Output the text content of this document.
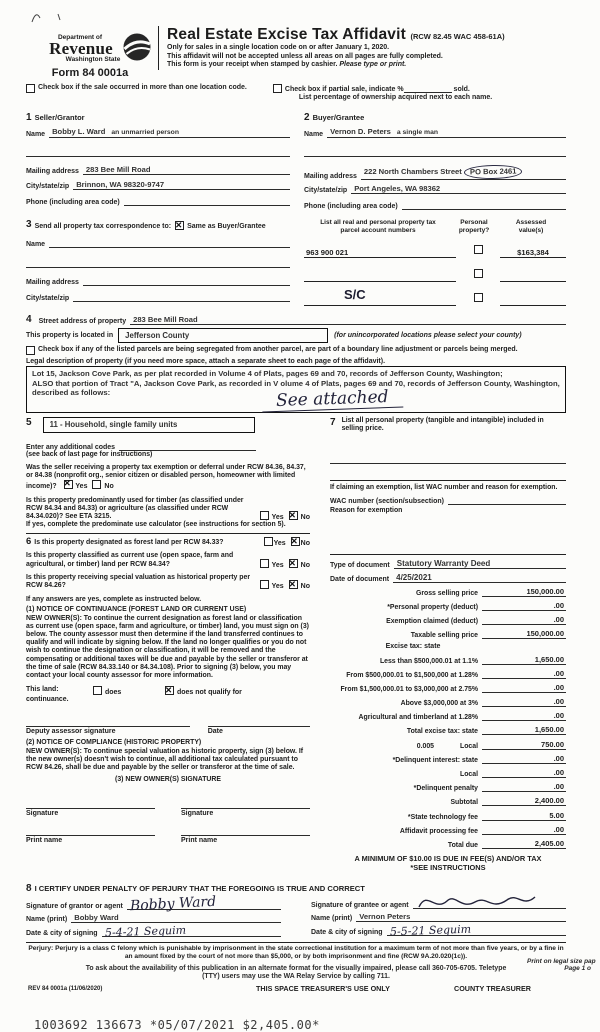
Department of
Revenue
Washington State
Form 84 0001a
Real Estate Excise Tax Affidavit (RCW 82.45 WAC 458-61A)
Only for sales in a single location code on or after January 1, 2020.
This affidavit will not be accepted unless all areas on all pages are fully completed.
This form is your receipt when stamped by cashier. Please type or print.
Check box if the sale occurred in more than one location code.	Check box if partial sale, indicate %	sold.
List percentage of ownership acquired next to each name.
1 Seller/Grantor
Name Bobby L. Ward an unmarried person
Mailing address 283 Bee Mill Road
City/state/zip Brinnon, WA 98320-9747
Phone (including area code)
2 Buyer/Grantee
Name Vernon D. Peters a single man
Mailing address
222 North Chambers Street PO Box 2461
City/state/zip Port Angeles, WA 98362
Phone (including area code)
3 Send all property tax correspondence to: ✕ Same as Buyer/Grantee
Name
Mailing address
City/state/zip
List all real and personal property tax
parcel account numbers
Personal
property?
Assessed
value(s)
963 900 021	$163,384
S/C
4 Street address of property 283 Bee Mill Road
This property is located in	Jefferson County	(for unincorporated locations please select your county)
Check box if any of the listed parcels are being segregated from another parcel, are part of a boundary line adjustment or parcels being merged.
Legal description of property (if you need more space, attach a separate sheet to each page of the affidavit).
Lot 15, Jackson Cove Park, as per plat recorded in Volume 4 of Plats, pages 69 and 70, records of Jefferson County, Washington;
ALSO that portion of Tract "A, Jackson Cove Park, as recorded in V olume 4 of Plats, pages 69 and 70, records of Jefferson County, Washington, described as follows:	See attached
5	11 - Household, single family units
Enter any additional codes
(see back of last page for instructions)
Was the seller receiving a property tax exemption or deferral under RCW 84.36, 84.37, or 84.38 (nonprofit org., senior citizen or disabled person, homeowner with limited income)? ✕	Yes No
Is this property predominantly used for timber (as classified under RCW 84.34 and 84.33) or agriculture (as classified under RCW 84.34.020)? See ETA 3215.	Yes ✕ No
If yes, complete the predominate use calculator (see instructions for section 5).
6 Is this property designated as forest land per RCW 84.33?	Yes ✕ No
Is this property classified as current use (open space, farm and agricultural, or timber) land per RCW 84.34?	Yes ✕ No
Is this property receiving special valuation as historical property per RCW 84.26?	Yes ✕ No
If any answers are yes, complete as instructed below.
(1) NOTICE OF CONTINUANCE (FOREST LAND OR CURRENT USE)
NEW OWNER(S): To continue the current designation as forest land or classification as current use (open space, farm and agriculture, or timber) land, you must sign on (3) below. The county assessor must then determine if the land transferred continues to qualify and will indicate by signing below. If the land no longer qualifies or you do not wish to continue the designation or classification, it will be removed and the compensating or additional taxes will be due and payable by the seller or transferor at the time of sale (RCW 84.33.140 or 84.34.108). Prior to signing (3) below, you may contact your local county assessor for more information.
This land:	does ✕	does not qualify for
continuance.
Deputy assessor signature	Date
(2) NOTICE OF COMPLIANCE (HISTORIC PROPERTY)
NEW OWNER(S): To continue special valuation as historic property, sign (3) below. If the new owner(s) doesn't wish to continue, all additional tax calculated pursuant to RCW 84.26, shall be due and payable by the seller or transferor at the time of sale.
(3) NEW OWNER(S) SIGNATURE
Signature	Signature
Print name	Print name
7 List all personal property (tangible and intangible) included in selling price.
If claiming an exemption, list WAC number and reason for exemption.
WAC number (section/subsection)
Reason for exemption
Type of document Statutory Warranty Deed
Date of document 4/25/2021
Gross selling price	150,000.00
*Personal property (deduct)	.00
Exemption claimed (deduct)	.00
Taxable selling price	150,000.00
Excise tax: state
Less than $500,000.01 at 1.1%	1,650.00
From $500,000.01 to $1,500,000 at 1.28%	.00
From $1,500,000.01 to $3,000,000 at 2.75%	.00
Above $3,000,000 at 3%	.00
Agricultural and timberland at 1.28%	.00
Total excise tax: state	1,650.00
0.005	Local	750.00
*Delinquent interest: state	.00
Local	.00
*Delinquent penalty	.00
Subtotal	2,400.00
*State technology fee	5.00
Affidavit processing fee	.00
Total due	2,405.00
A MINIMUM OF $10.00 IS DUE IN FEE(S) AND/OR TAX
*SEE INSTRUCTIONS
8 I CERTIFY UNDER PENALTY OF PERJURY THAT THE FOREGOING IS TRUE AND CORRECT
Signature of grantor or agent Bobby Ward
Name (print) Bobby Ward
Date & city of signing 5-4-21 Sequim
Signature of grantee or agent
Name (print) Vernon Peters
Date & city of signing 5-5-21 Sequim
Perjury: Perjury is a class C felony which is punishable by imprisonment in the state correctional institution for a maximum term of not more than five years, or by a fine in an amount fixed by the court of not more than $5,000, or by both imprisonment and fine (RCW 9A.20.020(1c)).
To ask about the availability of this publication in an alternate format for the visually impaired, please call 360-705-6705. Teletype
(TTY) users may use the WA Relay Service by calling 711.
REV 84 0001a (11/06/2020)	THIS SPACE TREASURER'S USE ONLY	COUNTY TREASURER
1003692 136673 *05/07/2021 $2,405.00*
Print on legal size pap
Page 1 o
